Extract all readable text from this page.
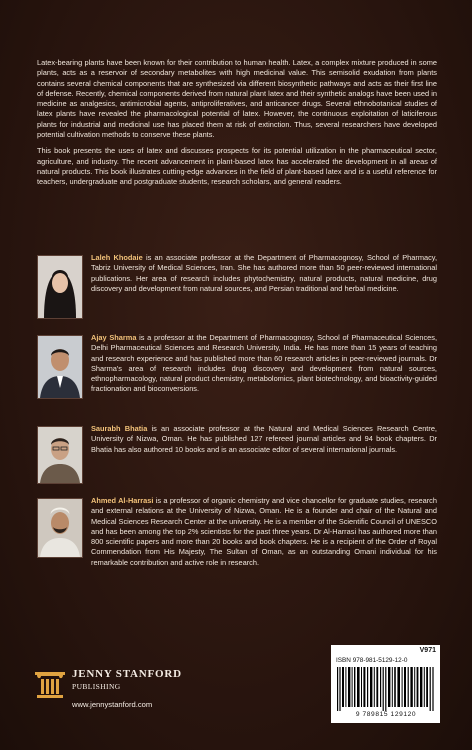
Latex-bearing plants have been known for their contribution to human health. Latex, a complex mixture produced in some plants, acts as a reservoir of secondary metabolites with high medicinal value. This semisolid exudation from plants contains several chemical components that are synthesized via different biosynthetic pathways and acts as their first line of defense. Recently, chemical components derived from natural plant latex and their synthetic analogs have been used in medicine as analgesics, antimicrobial agents, antiproliferatives, and anticancer drugs. Several ethnobotanical studies of latex plants have revealed the pharmacological potential of latex. However, the continuous exploitation of laticiferous plants for industrial and medicinal use has placed them at risk of extinction. Thus, several researchers have developed potential cultivation methods to conserve these plants.

This book presents the uses of latex and discusses prospects for its potential utilization in the pharmaceutical sector, agriculture, and industry. The recent advancement in plant-based latex has accelerated the development in all areas of natural products. This book illustrates cutting-edge advances in the field of plant-based latex and is a useful reference for teachers, undergraduate and postgraduate students, research scholars, and general readers.

Laleh Khodaie is an associate professor at the Department of Pharmacognosy, School of Pharmacy, Tabriz University of Medical Sciences, Iran. She has authored more than 50 peer-reviewed international publications. Her area of research includes phytochemistry, natural products, natural medicine, drug discovery and development from natural sources, and Persian traditional and herbal medicine.
Ajay Sharma is a professor at the Department of Pharmacognosy, School of Pharmaceutical Sciences, Delhi Pharmaceutical Sciences and Research University, India. He has more than 15 years of teaching and research experience and has published more than 60 research articles in peer-reviewed journals. Dr Sharma's area of research includes drug discovery and development from natural sources, ethnopharmacology, natural product chemistry, metabolomics, plant biotechnology, and bioactivity-guided fractionation and bioconversions.
Saurabh Bhatia is an associate professor at the Natural and Medical Sciences Research Centre, University of Nizwa, Oman. He has published 127 refereed journal articles and 94 book chapters. Dr Bhatia has also authored 10 books and is an associate editor of several international journals.
Ahmed Al-Harrasi is a professor of organic chemistry and vice chancellor for graduate studies, research and external relations at the University of Nizwa, Oman. He is a founder and chair of the Natural and Medical Sciences Research Center at the university. He is a member of the Scientific Council of UNESCO and has been among the top 2% scientists for the past three years. Dr Al-Harrasi has authored more than 800 scientific papers and more than 20 books and book chapters. He is a recipient of the Order of Royal Commendation from His Majesty, The Sultan of Oman, as an outstanding Omani individual for his remarkable contribution and active role in research.
V971
ISBN 978-981-5129-12-0
9 789815 129120
JENNY STANFORD
PUBLISHING
www.jennystanford.com
